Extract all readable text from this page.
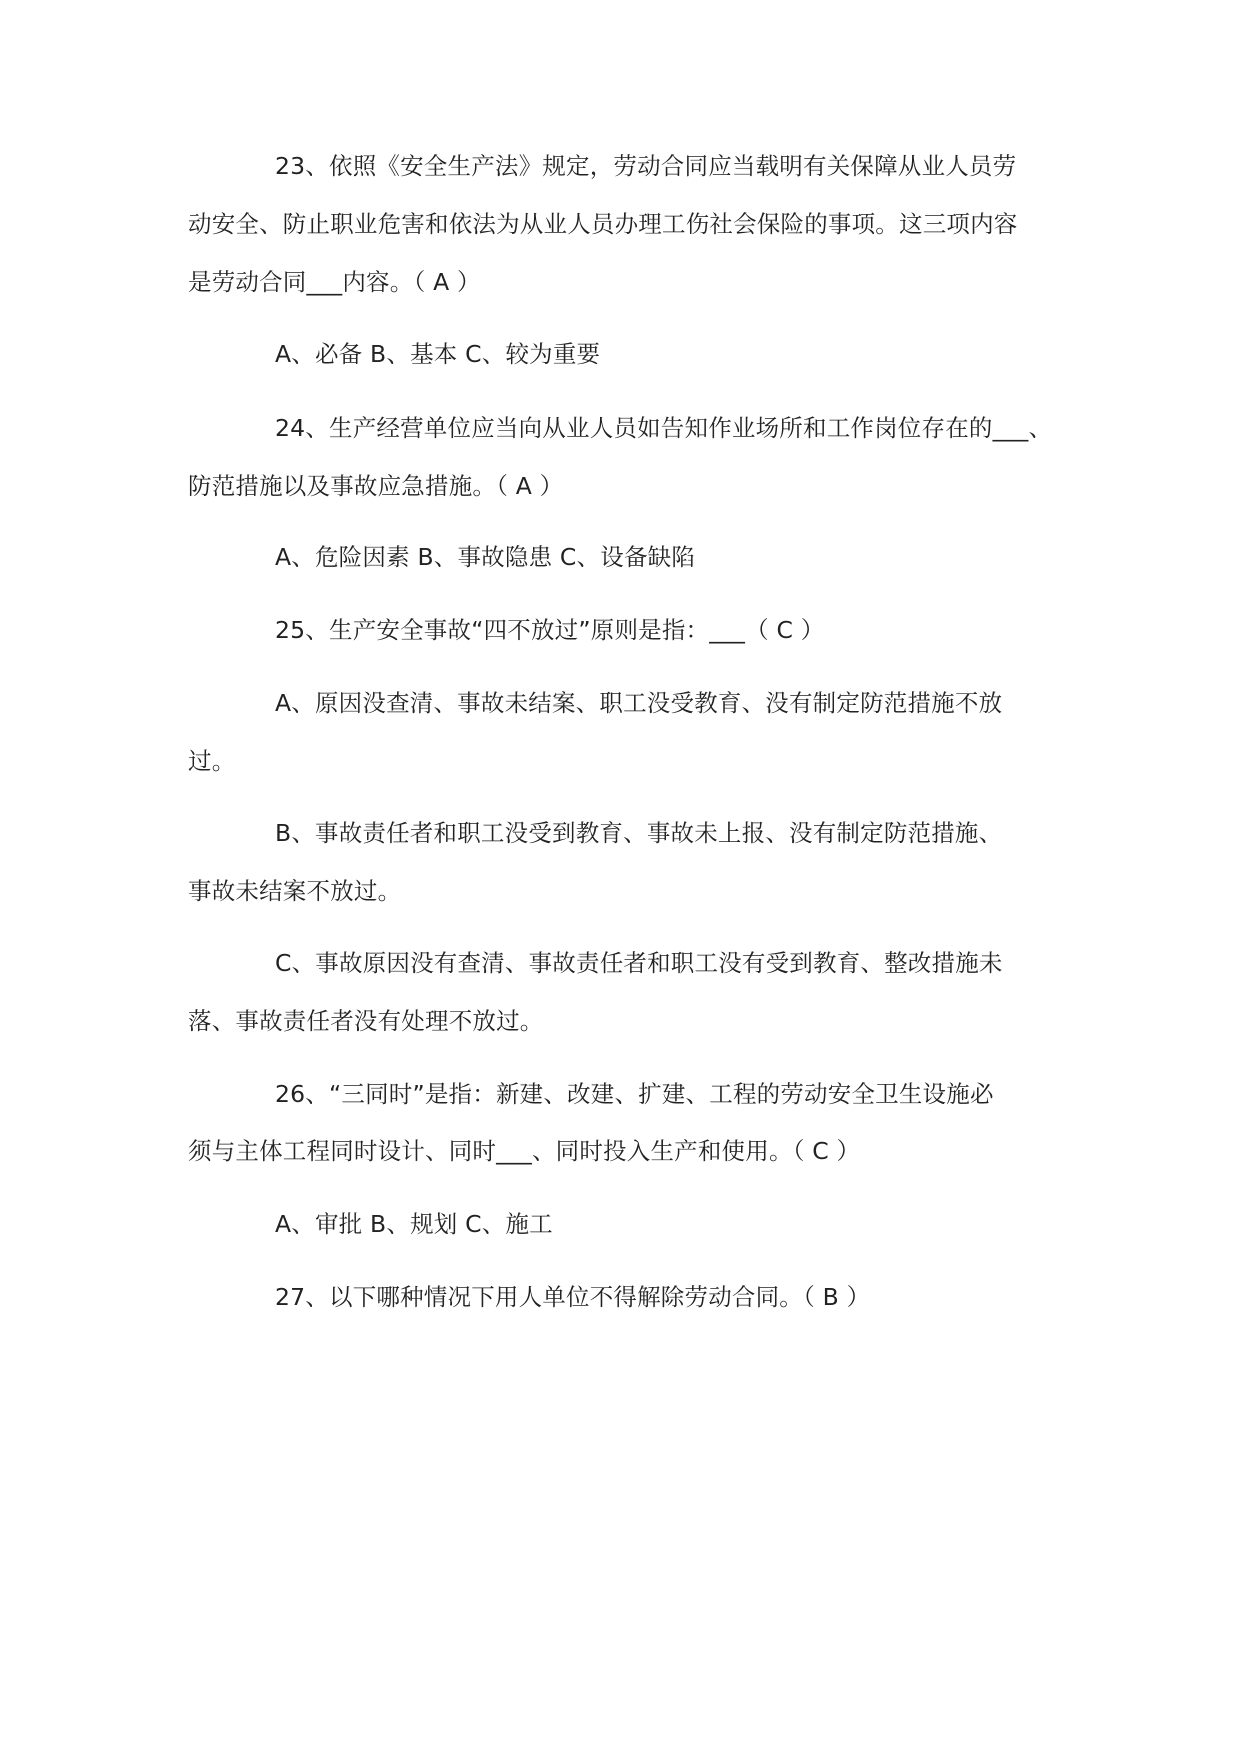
23、依照《安全生产法》规定，劳动合同应当载明有关保障从业人员劳
动安全、防止职业危害和依法为从业人员办理工伤社会保险的事项。这三项内容
是劳动合同___内容。（ A ）
A、必备 B、基本 C、较为重要
24、生产经营单位应当向从业人员如告知作业场所和工作岗位存在的___、
防范措施以及事故应急措施。（ A ）
A、危险因素 B、事故隐患 C、设备缺陷
25、生产安全事故“四不放过”原则是指：___（ C ）
A、原因没查清、事故未结案、职工没受教育、没有制定防范措施不放
过。
B、事故责任者和职工没受到教育、事故未上报、没有制定防范措施、
事故未结案不放过。
C、事故原因没有查清、事故责任者和职工没有受到教育、整改措施未
落、事故责任者没有处理不放过。
26、“三同时”是指：新建、改建、扩建、工程的劳动安全卫生设施必
须与主体工程同时设计、同时___、同时投入生产和使用。（ C ）
A、审批 B、规划 C、施工
27、以下哪种情况下用人单位不得解除劳动合同。（ B ）
